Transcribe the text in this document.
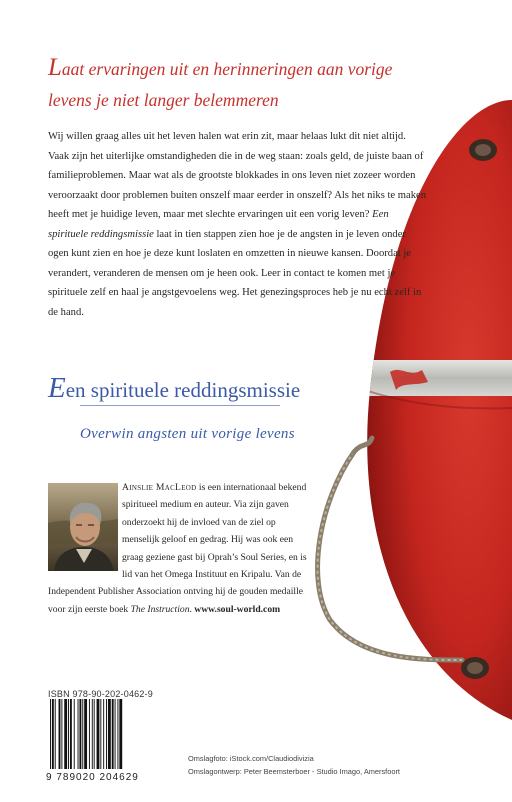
Laat ervaringen uit en herinneringen aan vorige levens je niet langer belemmeren

Wij willen graag alles uit het leven halen wat erin zit, maar helaas lukt dit niet altijd. Vaak zijn het uiterlijke omstandigheden die in de weg staan: zoals geld, de juiste baan of familieproblemen. Maar wat als de grootste blokkades in ons leven niet zozeer worden veroorzaakt door problemen buiten onszelf maar eerder in onszelf? Als het niks te maken heeft met je huidige leven, maar met slechte ervaringen uit een vorig leven? Een spirituele reddingsmissie laat in tien stappen zien hoe je de angsten in je leven onder ogen kunt zien en hoe je deze kunt loslaten en omzetten in nieuwe kansen. Doordat je verandert, veranderen de mensen om je heen ook. Leer in contact te komen met je spirituele zelf en haal je angstgevoelens weg. Het genezingsproces heb je nu echt zelf in de hand.

Een spirituele reddingsmissie
Overwin angsten uit vorige levens
Ainslie MacLeod is een internationaal bekend spiritueel medium en auteur. Via zijn gaven onderzoekt hij de invloed van de ziel op menselijk geloof en gedrag. Hij was ook een graag geziene gast bij Oprah’s Soul Series, en is lid van het Omega Instituut en Kripalu. Van de Independent Publisher Association ontving hij de gouden medaille voor zijn eerste boek The Instruction. www.soul-world.com
ISBN 978-90-202-0462-9
9 789020 204629
Omslagfoto: iStock.com/Claudiodivizia
Omslagontwerp: Peter Beemsterboer - Studio Imago, Amersfoort
